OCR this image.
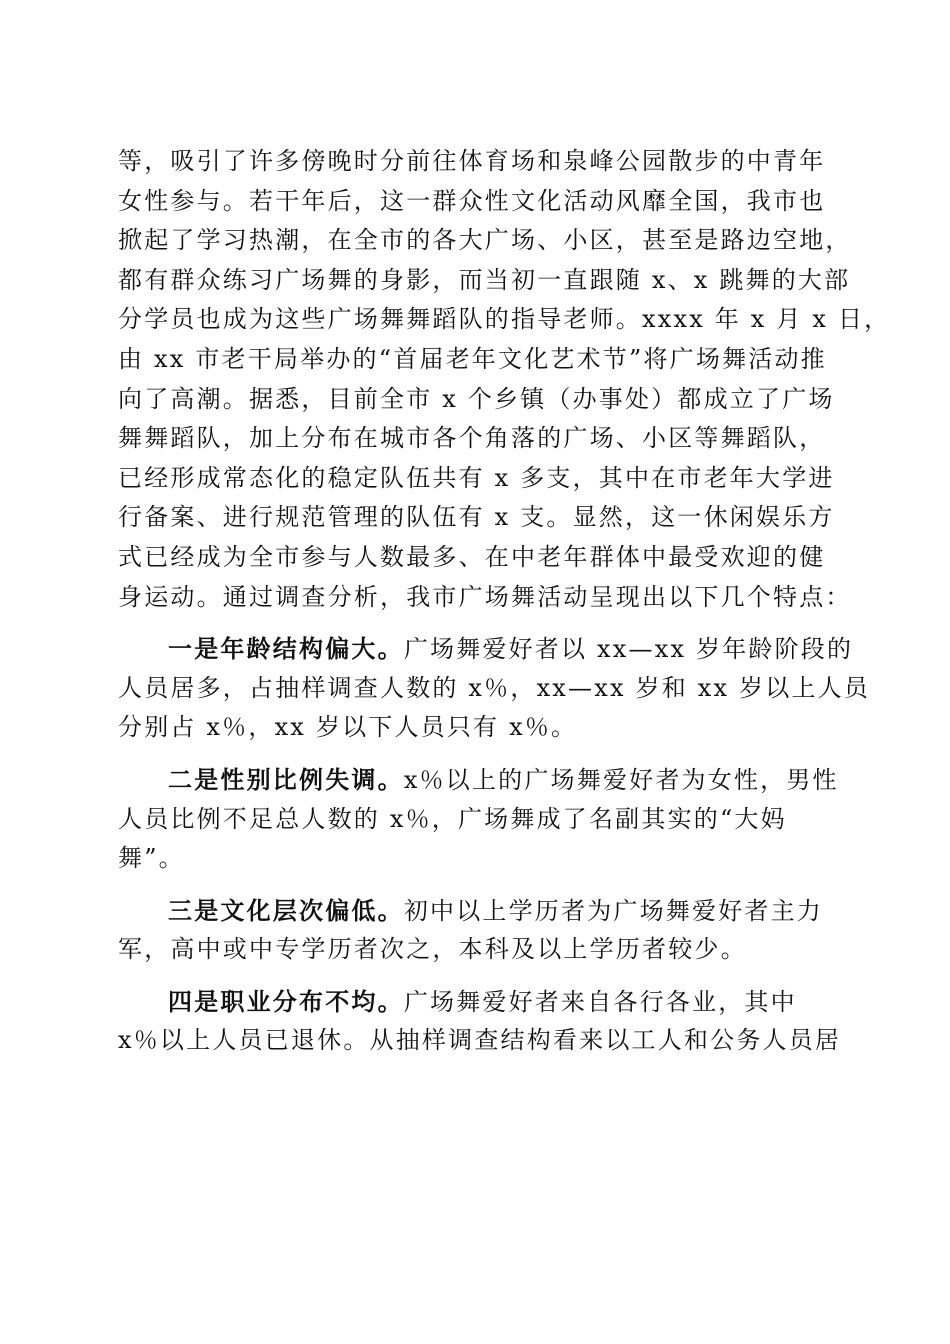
等，吸引了许多傍晚时分前往体育场和泉峰公园散步的中青年
女性参与。若干年后，这一群众性文化活动风靡全国，我市也
掀起了学习热潮，在全市的各大广场、小区，甚至是路边空地，
都有群众练习广场舞的身影，而当初一直跟随 x、x 跳舞的大部
分学员也成为这些广场舞舞蹈队的指导老师。xxxx 年 x 月 x 日，
由 xx 市老干局举办的“首届老年文化艺术节”将广场舞活动推
向了高潮。据悉，目前全市 x 个乡镇（办事处）都成立了广场
舞舞蹈队，加上分布在城市各个角落的广场、小区等舞蹈队，
已经形成常态化的稳定队伍共有 x 多支，其中在市老年大学进
行备案、进行规范管理的队伍有 x 支。显然，这一休闲娱乐方
式已经成为全市参与人数最多、在中老年群体中最受欢迎的健
身运动。通过调查分析，我市广场舞活动呈现出以下几个特点：
一是年龄结构偏大。广场舞爱好者以 xx—xx 岁年龄阶段的
人员居多，占抽样调查人数的 x％，xx—xx 岁和 xx 岁以上人员
分别占 x％，xx 岁以下人员只有 x％。
二是性别比例失调。x％以上的广场舞爱好者为女性，男性
人员比例不足总人数的 x％，广场舞成了名副其实的“大妈
舞”。
三是文化层次偏低。初中以上学历者为广场舞爱好者主力
军，高中或中专学历者次之，本科及以上学历者较少。
四是职业分布不均。广场舞爱好者来自各行各业，其中
x％以上人员已退休。从抽样调查结构看来以工人和公务人员居
